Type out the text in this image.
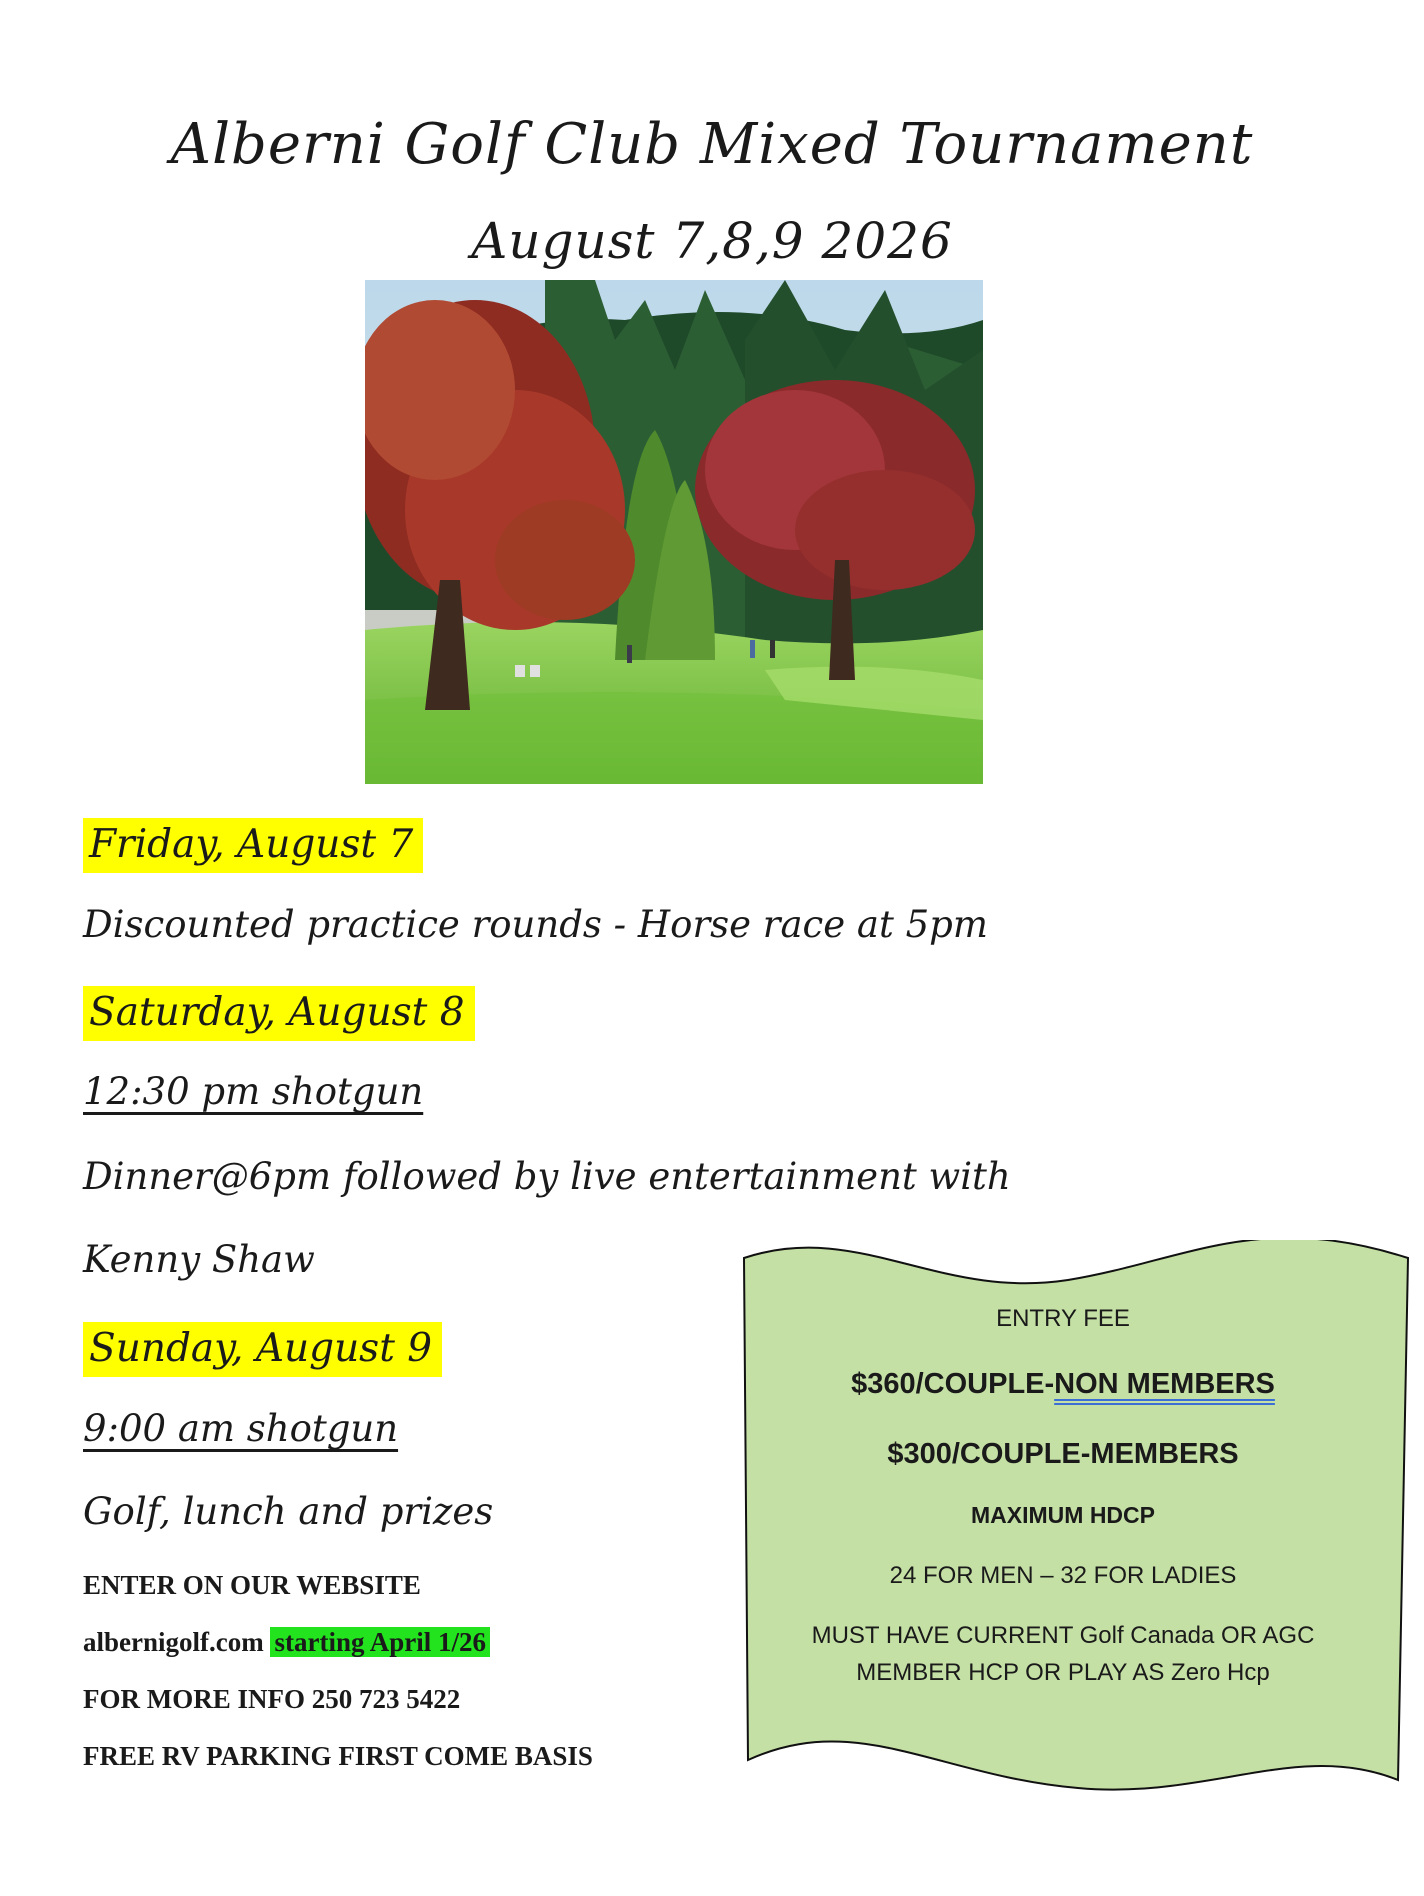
Alberni Golf Club Mixed Tournament
August 7,8,9 2026
Friday, August 7
Discounted practice rounds - Horse race at 5pm
Saturday, August 8
12:30 pm shotgun
Dinner@6pm followed by live entertainment with
Kenny Shaw
Sunday, August 9
9:00 am shotgun
Golf, lunch and prizes
ENTER ON OUR WEBSITE
albernigolf.com starting April 1/26
FOR MORE INFO 250 723 5422
FREE RV PARKING FIRST COME BASIS
ENTRY FEE
$360/COUPLE-NON MEMBERS
$300/COUPLE-MEMBERS
MAXIMUM HDCP
24 FOR MEN – 32 FOR LADIES
MUST HAVE CURRENT Golf Canada OR AGC
MEMBER HCP OR PLAY AS Zero Hcp
